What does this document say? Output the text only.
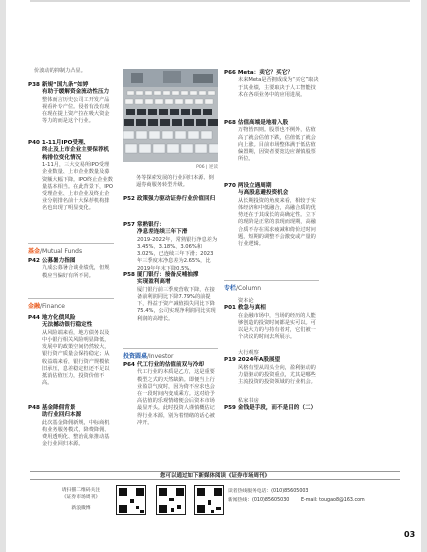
价波动的抑制力凸显。
P38 新規“国九条”如婷
有助于缓解资金流动性压力
整体而言历史公司工开发产品视看补专产位。侵者有没有现在现在提上资产拉在吸大资金等力的而是这个行业。
P40 1-11月IPO受理、
终止及上市企业主要保荐机构排位变化情况
1-11月，三大交易所IPO受理企业数量、上市企业数量及募资额大幅下降。IPO终止企业数量基本相当。在此背景下，IPO受理企业、上市企业及终止企业分别排名前十大保荐机构排名也出现了明显变化。
基金/Mutual Funds
P42 公募暑力指图
九成公募暑合谈业绩优，但规模应当偏好有所不同。
金融/Finance
P44 地方化债风险
无法撼动银行稳定性
从风险端来看，地方债务以及中小银行相关风险明显降低，发展中的政策空间仍然较大，银行资产质量会保持稳定；从收益端来看，银行资产规模依旧承压，息差稳定但还不足以抵消估值压力，投资价值不高。
P48 基金降佣背景
助行业回归本源
此次基金降佣新规，中标商机构业务服务模式，降费降佣、费用透明化、整治乱象推动基金行业回归本源。
P06 | 逆读
务等探索发展的行业回归本源、倒逼券商服务转型升级。
P52 政策强力驱动证券行业价值回归
P57 常熟银行：
净息差连续三年下滑
2019-2022年，常熟银行净息差为3.45%、3.18%、3.06%和3.02%，已连续三年下滑；2023年三季度末净息差为2.65%，比2019年年末下降0.5%。
P58 厦门银行：接备反哺抽撑
实现盈利高增
厦门银行前三季度营收下降，在接备前利润同比下降7.79%的前提下，得益于资产减值损失同比下降75.4%，公司实现净利润同比实现利润的高增长。
投资圆桌/Investor
P64 代工行业的估值前双与冷却
代工行业的本质是乙方，这是重要模型之式的天然缺陷。即便当上行业盈景气度时，因为倚不应求也会在一段时间内变成乘方。这对给予高估值的乐观情绪便会后资本市场最显开头。此时投资人谨慎概估记得行业本源，别为着情绪的话心被冲开。
P66 Meta：卖它？买它？
未来Meta是否拥成成为“买它”取决于其业绩，主要取决于人工智能技术在各项业务中的应用进展。
P68 估值高端是地看入股
万物皆四则。股票也不例外，估值高了就会估值下跌，估值低了就会向上涨。目前市场整体满于低估值偏置期，因资者要宽边应谨慎股票所位。
P70 两设立遇周期
与高股息避投资机会
从长期投资的角度来看，相较于实体经济和中低融合，高融合质的优势还在于其成长的高确定性。立下的现阶是正常的表现而现期，高融合质不存在需求疲减和倚价过时问题，短期的调整不会激变或产量的行业逻辑。
专栏/Column
资本论
P01 救急与真相
在金融市场中，当场的经历的人能够创造的投资时间都是实可以。可以是大力的与持有者对，它们被一个决议的时间去所展示。
大行观察
P19 2024年A股展望
风格有望从周头全向，盈利驱动的力量驱动的投资重点，尤其是哪些主流投资的投资领域的行业机会。
私家书房
P59 金钱是手段，而不是目的（二）
您可以通过如下新媒体阅读《证券市场周刊》
请扫描二维码关注
《证券市场周刊》
新浪微博
读者热线服务电话：(010)85605003
新闻热线：(010)85605030	E-mail: tougao8@163.com
03
